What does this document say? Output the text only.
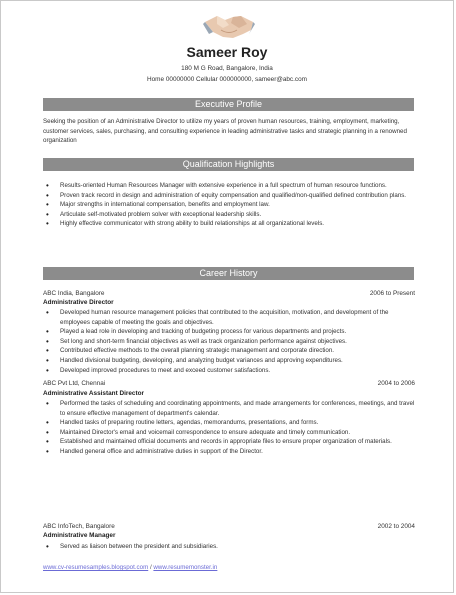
Sameer Roy
180 M G Road, Bangalore, India
Home 00000000 Cellular 000000000, sameer@abc.com
Executive Profile
Seeking the position of an Administrative Director to utilize my years of proven human resources, training, employment, marketing, customer services, sales, purchasing, and consulting experience in leading administrative tasks and strategic planning in a renowned organization
Qualification Highlights
• Results-oriented Human Resources Manager with extensive experience in a full spectrum of human resource functions.
• Proven track record in design and administration of equity compensation and qualified/non-qualified defined contribution plans.
• Major strengths in international compensation, benefits and employment law.
• Articulate self-motivated problem solver with exceptional leadership skills.
• Highly effective communicator with strong ability to build relationships at all organizational levels.
Career History
ABC India, Bangalore	2006 to Present
Administrative Director
• Developed human resource management policies that contributed to the acquisition, motivation, and development of the employees capable of meeting the goals and objectives.
• Played a lead role in developing and tracking of budgeting process for various departments and projects.
• Set long and short-term financial objectives as well as track organization performance against objectives.
• Contributed effective methods to the overall planning strategic management and corporate direction.
• Handled divisional budgeting, developing, and analyzing budget variances and approving expenditures.
• Developed improved procedures to meet and exceed customer satisfactions.
ABC Pvt Ltd, Chennai	2004 to 2006
Administrative Assistant Director
• Performed the tasks of scheduling and coordinating appointments, and made arrangements for conferences, meetings, and travel to ensure effective management of department's calendar.
• Handled tasks of preparing routine letters, agendas, memorandums, presentations, and forms.
• Maintained Director's email and voicemail correspondence to ensure adequate and timely communication.
• Established and maintained official documents and records in appropriate files to ensure proper organization of materials.
• Handled general office and administrative duties in support of the Director.
ABC InfoTech, Bangalore	2002 to 2004
Administrative Manager
• Served as liaison between the president and subsidiaries.
www.cv-resumesamples.blogspot.com / www.resumemonster.in
